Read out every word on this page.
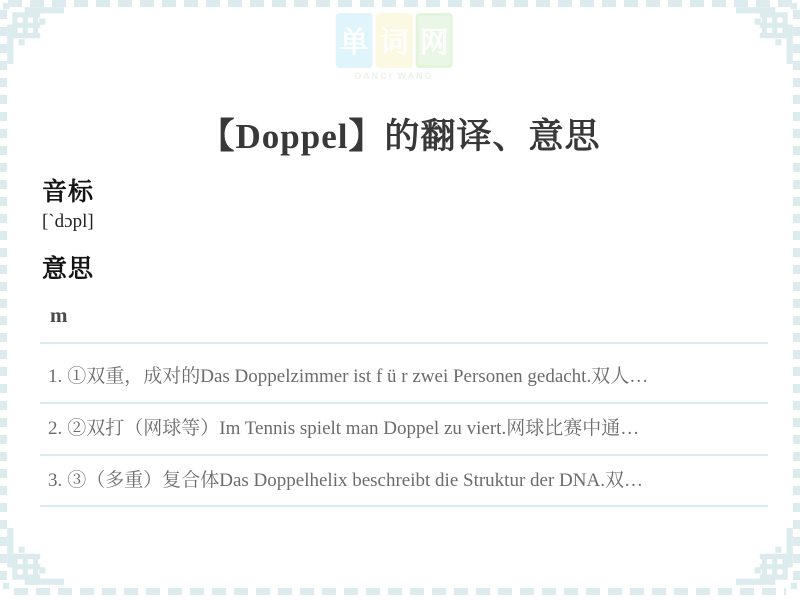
单 词 网
DANCI WANG
【Doppel】的翻译、意思
音标
[`dɔpl]
意思
m
1. ①双重，成对的Das Doppelzimmer ist f ü r zwei Personen gedacht.双人…
2. ②双打（网球等）Im Tennis spielt man Doppel zu viert.网球比赛中通…
3. ③（多重）复合体Das Doppelhelix beschreibt die Struktur der DNA.双…
